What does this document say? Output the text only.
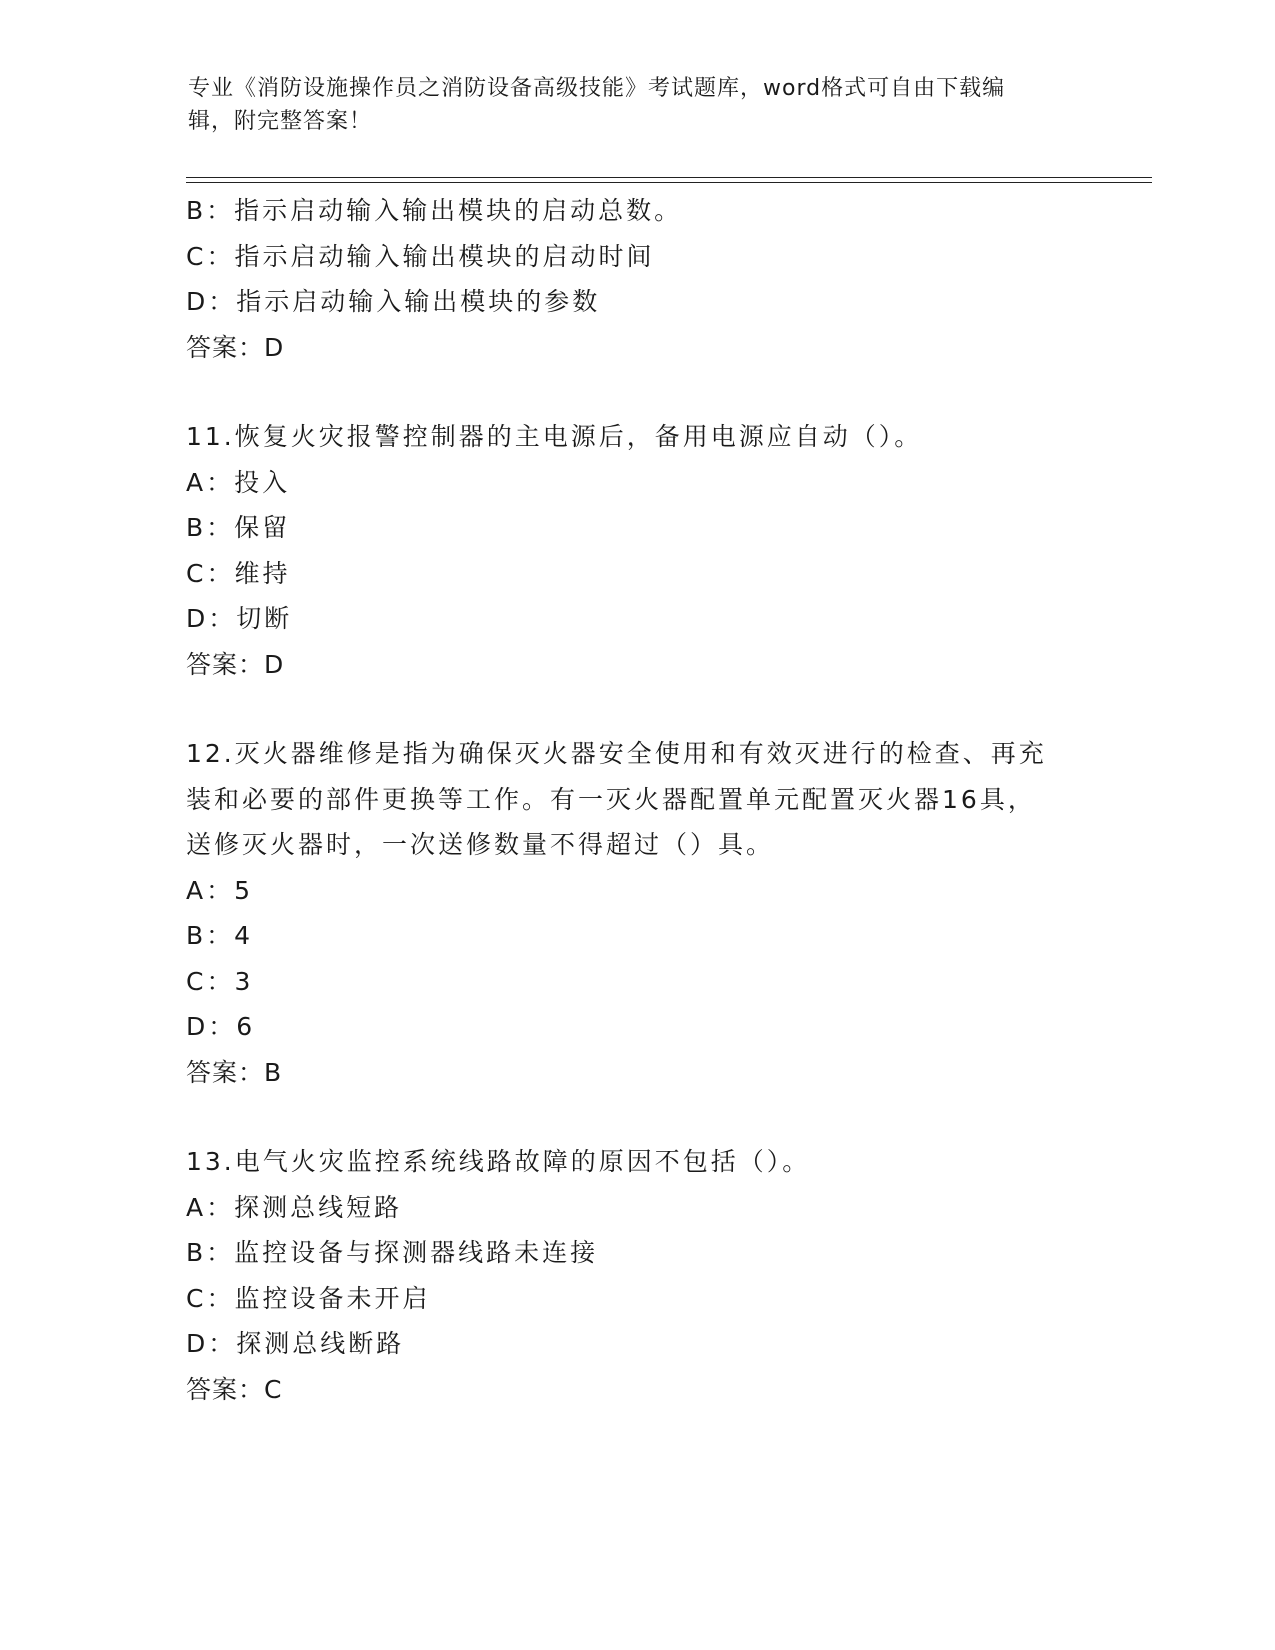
专业《消防设施操作员之消防设备高级技能》考试题库，word格式可自由下载编
辑，附完整答案！
B：指示启动输入输出模块的启动总数。
C：指示启动输入输出模块的启动时间
D：指示启动输入输出模块的参数
答案：D
11.恢复火灾报警控制器的主电源后，备用电源应自动（）。
A：投入
B：保留
C：维持
D：切断
答案：D
12.灭火器维修是指为确保灭火器安全使用和有效灭进行的检查、再充
装和必要的部件更换等工作。有一灭火器配置单元配置灭火器16具，
送修灭火器时，一次送修数量不得超过（）具。
A：5
B：4
C：3
D：6
答案：B
13.电气火灾监控系统线路故障的原因不包括（）。
A：探测总线短路
B：监控设备与探测器线路未连接
C：监控设备未开启
D：探测总线断路
答案：C
